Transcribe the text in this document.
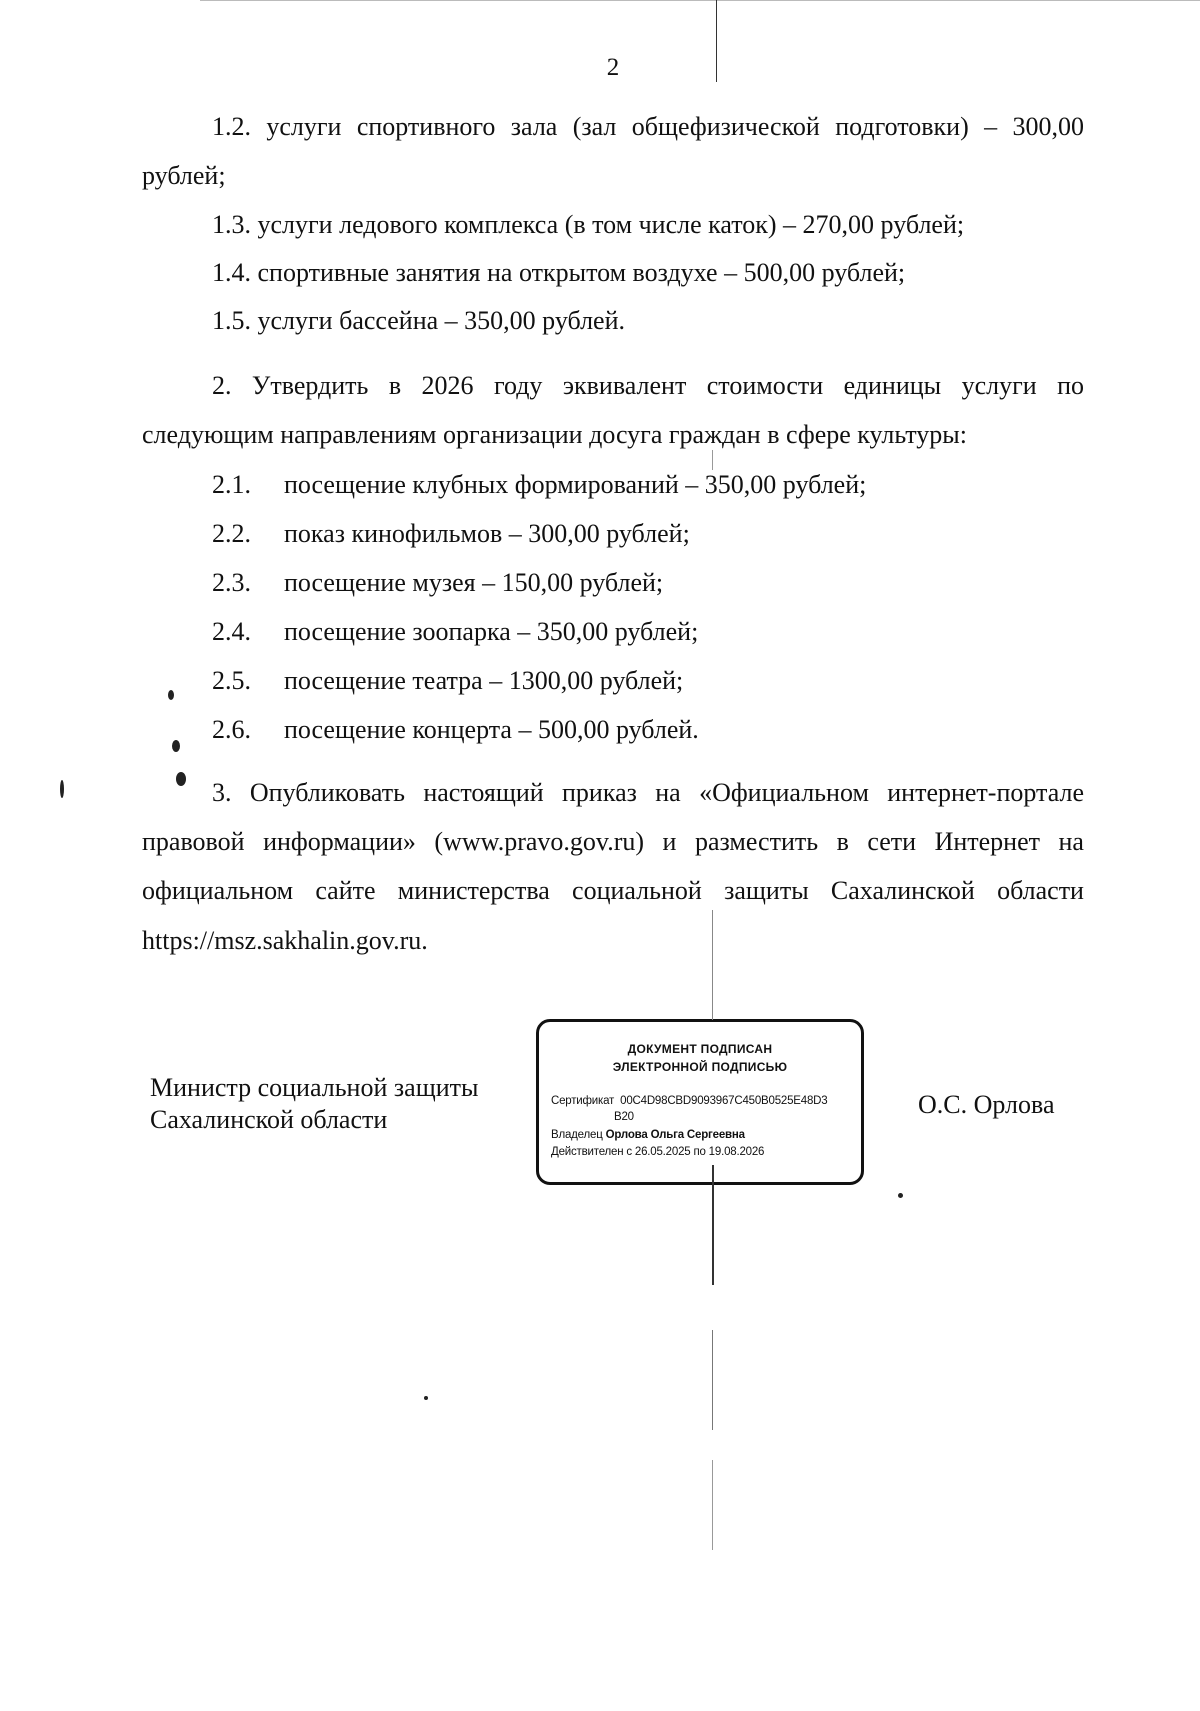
2
1.2. услуги спортивного зала (зал общефизической подготовки) – 300,00
рублей;
1.3. услуги ледового комплекса (в том числе каток) – 270,00 рублей;
1.4. спортивные занятия на открытом воздухе – 500,00 рублей;
1.5. услуги бассейна – 350,00 рублей.
2. Утвердить в 2026 году эквивалент стоимости единицы услуги по
следующим направлениям организации досуга граждан в сфере культуры:
2.1. посещение клубных формирований – 350,00 рублей;
2.2. показ кинофильмов – 300,00 рублей;
2.3. посещение музея – 150,00 рублей;
2.4. посещение зоопарка – 350,00 рублей;
2.5. посещение театра – 1300,00 рублей;
2.6. посещение концерта – 500,00 рублей.
3. Опубликовать настоящий приказ на «Официальном интернет-портале
правовой информации» (www.pravo.gov.ru) и разместить в сети Интернет на
официальном сайте министерства социальной защиты Сахалинской области
https://msz.sakhalin.gov.ru.
Министр социальной защиты
Сахалинской области
ДОКУМЕНТ ПОДПИСАН
ЭЛЕКТРОННОЙ ПОДПИСЬЮ
Сертификат 00C4D98CBD9093967C450B0525E48D3
B20
Владелец Орлова Ольга Сергеевна
Действителен с 26.05.2025 по 19.08.2026
О.С. Орлова
